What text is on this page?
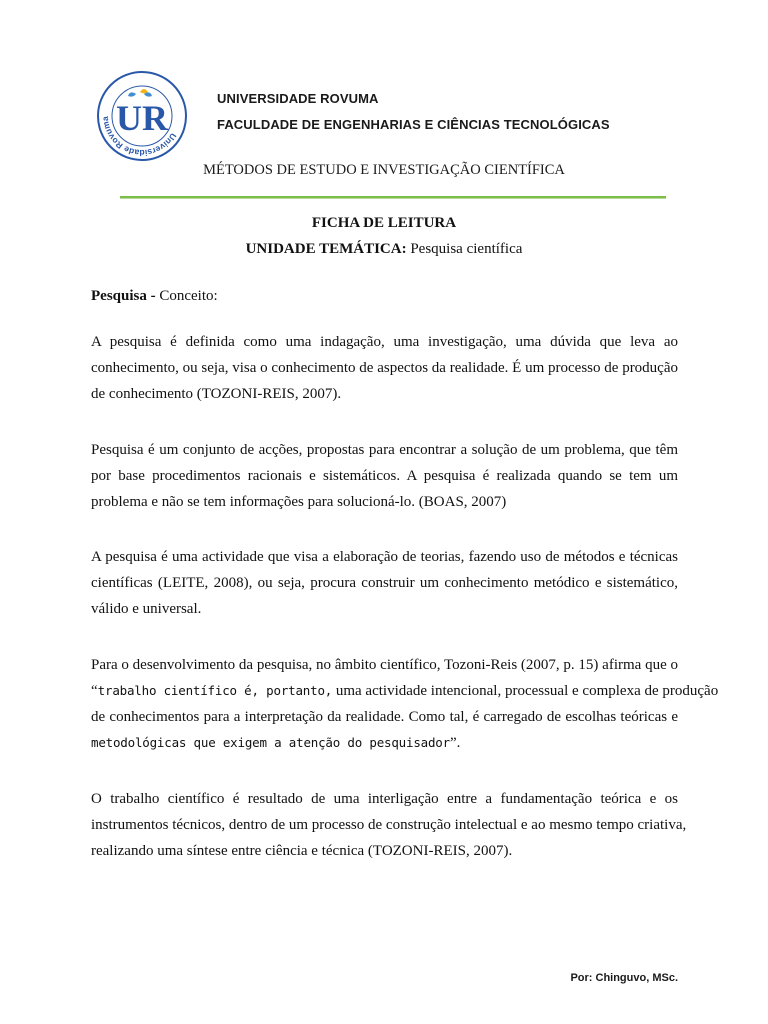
Universidade Rovuma UR	UNIVERSIDADE ROVUMA
FACULDADE DE ENGENHARIAS E CIÊNCIAS TECNOLÓGICAS
MÉTODOS DE ESTUDO E INVESTIGAÇÃO CIENTÍFICA
FICHA DE LEITURA
UNIDADE TEMÁTICA: Pesquisa científica
Pesquisa - Conceito:
A pesquisa é definida como uma indagação, uma investigação, uma dúvida que leva ao
conhecimento, ou seja, visa o conhecimento de aspectos da realidade. É um processo de produção
de conhecimento (TOZONI-REIS, 2007).
Pesquisa é um conjunto de acções, propostas para encontrar a solução de um problema, que têm
por base procedimentos racionais e sistemáticos. A pesquisa é realizada quando se tem um
problema e não se tem informações para solucioná-lo. (BOAS, 2007)
A pesquisa é uma actividade que visa a elaboração de teorias, fazendo uso de métodos e técnicas
científicas (LEITE, 2008), ou seja, procura construir um conhecimento metódico e sistemático,
válido e universal.
Para o desenvolvimento da pesquisa, no âmbito científico, Tozoni-Reis (2007, p. 15) afirma que o
“trabalho científico é, portanto, uma actividade intencional, processual e complexa de produção
de conhecimentos para a interpretação da realidade. Como tal, é carregado de escolhas teóricas e
metodológicas que exigem a atenção do pesquisador”.
O trabalho científico é resultado de uma interligação entre a fundamentação teórica e os
instrumentos técnicos, dentro de um processo de construção intelectual e ao mesmo tempo criativa,
realizando uma síntese entre ciência e técnica (TOZONI-REIS, 2007).
Por: Chinguvo, MSc.
